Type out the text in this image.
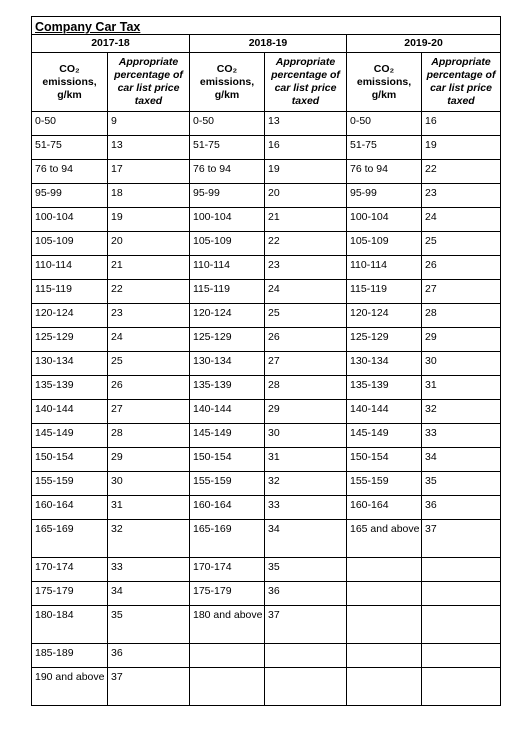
Company Car Tax					
2017-18		2018-19		2019-20	
CO₂ emissions, g/km	Appropriate percentage of car list price taxed	CO₂ emissions, g/km	Appropriate percentage of car list price taxed	CO₂ emissions, g/km	Appropriate percentage of car list price taxed
0-50	9	0-50	13	0-50	16
51-75	13	51-75	16	51-75	19
76 to 94	17	76 to 94	19	76 to 94	22
95-99	18	95-99	20	95-99	23
100-104	19	100-104	21	100-104	24
105-109	20	105-109	22	105-109	25
110-114	21	110-114	23	110-114	26
115-119	22	115-119	24	115-119	27
120-124	23	120-124	25	120-124	28
125-129	24	125-129	26	125-129	29
130-134	25	130-134	27	130-134	30
135-139	26	135-139	28	135-139	31
140-144	27	140-144	29	140-144	32
145-149	28	145-149	30	145-149	33
150-154	29	150-154	31	150-154	34
155-159	30	155-159	32	155-159	35
160-164	31	160-164	33	160-164	36
165-169	32	165-169	34	165 and above	37
170-174	33	170-174	35		
175-179	34	175-179	36		
180-184	35	180 and above	37		
185-189	36				
190 and above	37				
